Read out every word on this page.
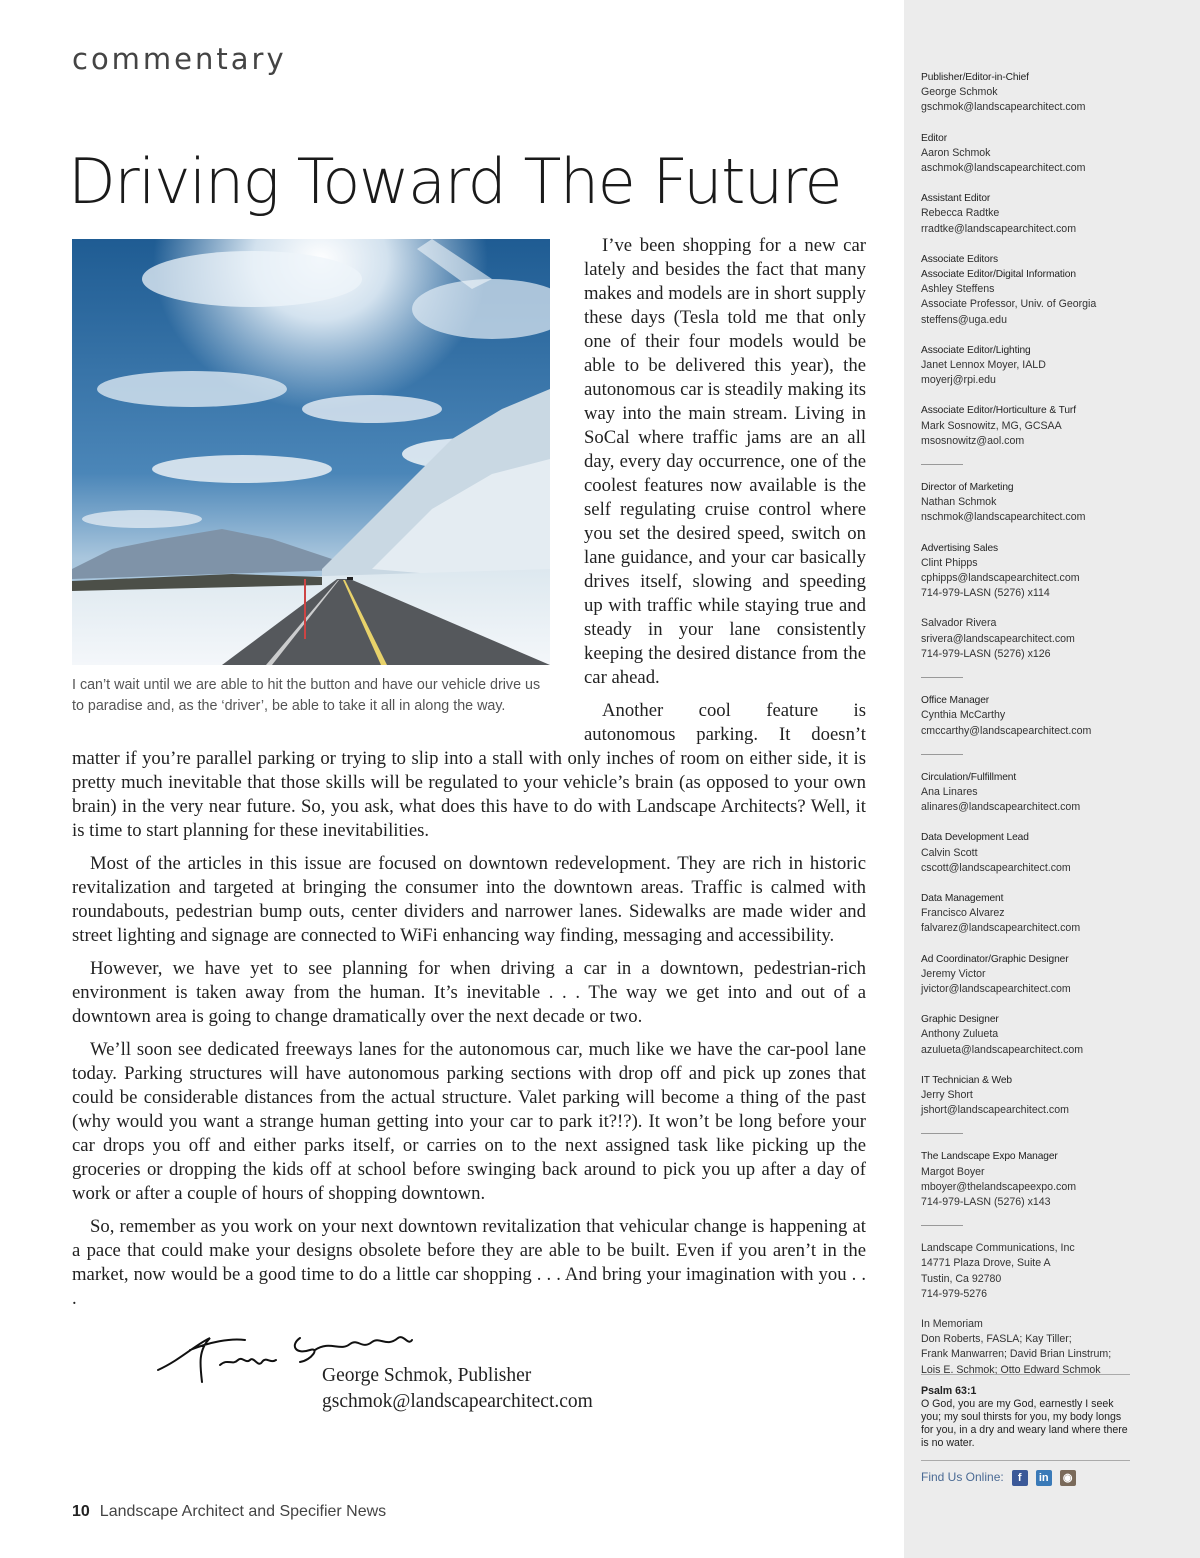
commentary
Driving Toward The Future
I can’t wait until we are able to hit the button and have our vehicle drive us to paradise and, as the ‘driver’, be able to take it all in along the way.

I’ve been shopping for a new car lately and besides the fact that many makes and models are in short supply these days (Tesla told me that only one of their four models would be able to be delivered this year), the autonomous car is steadily making its way into the main stream. Living in SoCal where traffic jams are an all day, every day occurrence, one of the coolest features now available is the self regulating cruise control where you set the desired speed, switch on lane guidance, and your car basically drives itself, slowing and speeding up with traffic while staying true and steady in your lane consistently keeping the desired distance from the car ahead.

Another cool feature is autonomous parking. It doesn’t matter if you’re parallel parking or trying to slip into a stall with only inches of room on either side, it is pretty much inevitable that those skills will be regulated to your vehicle’s brain (as opposed to your own brain) in the very near future. So, you ask, what does this have to do with Landscape Architects? Well, it is time to start planning for these inevitabilities.

Most of the articles in this issue are focused on downtown redevelopment. They are rich in historic revitalization and targeted at bringing the consumer into the downtown areas. Traffic is calmed with roundabouts, pedestrian bump outs, center dividers and narrower lanes. Sidewalks are made wider and street lighting and signage are connected to WiFi enhancing way finding, messaging and accessibility.

However, we have yet to see planning for when driving a car in a downtown, pedestrian-rich environment is taken away from the human. It’s inevitable . . . The way we get into and out of a downtown area is going to change dramatically over the next decade or two.

We’ll soon see dedicated freeways lanes for the autonomous car, much like we have the car-pool lane today. Parking structures will have autonomous parking sections with drop off and pick up zones that could be considerable distances from the actual structure. Valet parking will become a thing of the past (why would you want a strange human getting into your car to park it?!?). It won’t be long before your car drops you off and either parks itself, or carries on to the next assigned task like picking up the groceries or dropping the kids off at school before swinging back around to pick you up after a day of work or after a couple of hours of shopping downtown.

So, remember as you work on your next downtown revitalization that vehicular change is happening at a pace that could make your designs obsolete before they are able to be built. Even if you aren’t in the market, now would be a good time to do a little car shopping . . . And bring your imagination with you . . .

George Schmok, Publisher
gschmok@landscapearchitect.com
10 Landscape Architect and Specifier News
Publisher/Editor-in-Chief
George Schmok
gschmok@landscapearchitect.com
Editor
Aaron Schmok
aschmok@landscapearchitect.com
Assistant Editor
Rebecca Radtke
rradtke@landscapearchitect.com
Associate Editors
Associate Editor/Digital Information
Ashley Steffens
Associate Professor, Univ. of Georgia
steffens@uga.edu
Associate Editor/Lighting
Janet Lennox Moyer, IALD
moyerj@rpi.edu
Associate Editor/Horticulture & Turf
Mark Sosnowitz, MG, GCSAA
msosnowitz@aol.com
Director of Marketing
Nathan Schmok
nschmok@landscapearchitect.com
Advertising Sales
Clint Phipps
cphipps@landscapearchitect.com
714-979-LASN (5276) x114
Salvador Rivera
srivera@landscapearchitect.com
714-979-LASN (5276) x126
Office Manager
Cynthia McCarthy
cmccarthy@landscapearchitect.com
Circulation/Fulfillment
Ana Linares
alinares@landscapearchitect.com
Data Development Lead
Calvin Scott
cscott@landscapearchitect.com
Data Management
Francisco Alvarez
falvarez@landscapearchitect.com
Ad Coordinator/Graphic Designer
Jeremy Victor
jvictor@landscapearchitect.com
Graphic Designer
Anthony Zulueta
azulueta@landscapearchitect.com
IT Technician & Web
Jerry Short
jshort@landscapearchitect.com
The Landscape Expo Manager
Margot Boyer
mboyer@thelandscapeexpo.com
714-979-LASN (5276) x143
Landscape Communications, Inc
14771 Plaza Drove, Suite A
Tustin, Ca 92780
714-979-5276
In Memoriam
Don Roberts, FASLA; Kay Tiller;
Frank Manwarren; David Brian Linstrum;
Lois E. Schmok; Otto Edward Schmok
Psalm 63:1
O God, you are my God, earnestly I seek you; my soul thirsts for you, my body longs for you, in a dry and weary land where there is no water.
Find Us Online:	f	in ◉
